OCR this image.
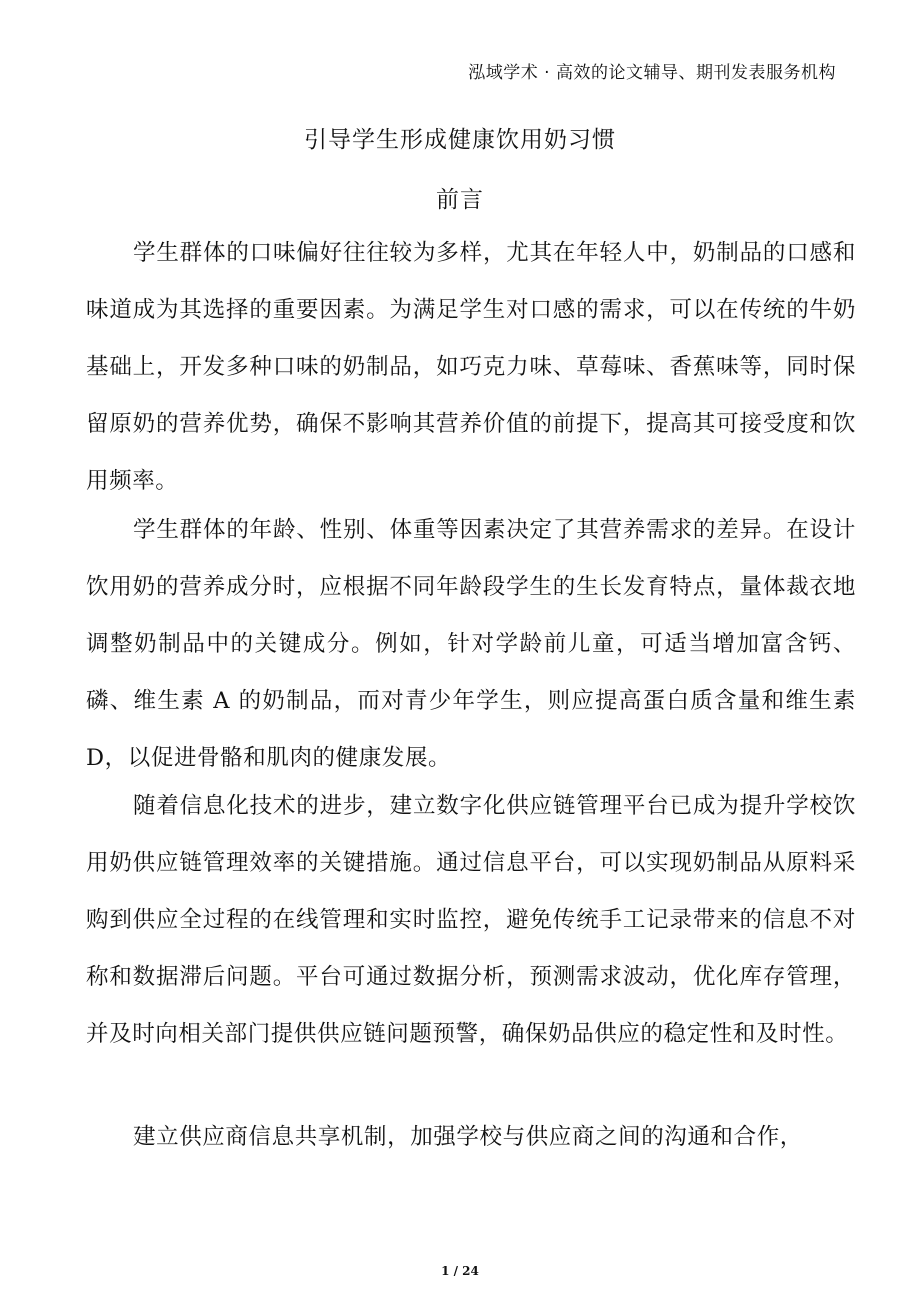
泓域学术 · 高效的论文辅导、期刊发表服务机构
引导学生形成健康饮用奶习惯
前言

学生群体的口味偏好往往较为多样，尤其在年轻人中，奶制品的口感和味道成为其选择的重要因素。为满足学生对口感的需求，可以在传统的牛奶基础上，开发多种口味的奶制品，如巧克力味、草莓味、香蕉味等，同时保留原奶的营养优势，确保不影响其营养价值的前提下，提高其可接受度和饮用频率。

学生群体的年龄、性别、体重等因素决定了其营养需求的差异。在设计饮用奶的营养成分时，应根据不同年龄段学生的生长发育特点，量体裁衣地调整奶制品中的关键成分。例如，针对学龄前儿童，可适当增加富含钙、磷、维生素 A 的奶制品，而对青少年学生，则应提高蛋白质含量和维生素 D，以促进骨骼和肌肉的健康发展。

随着信息化技术的进步，建立数字化供应链管理平台已成为提升学校饮用奶供应链管理效率的关键措施。通过信息平台，可以实现奶制品从原料采购到供应全过程的在线管理和实时监控，避免传统手工记录带来的信息不对称和数据滞后问题。平台可通过数据分析，预测需求波动，优化库存管理，并及时向相关部门提供供应链问题预警，确保奶品供应的稳定性和及时性。

建立供应商信息共享机制，加强学校与供应商之间的沟通和合作，

1 / 24
